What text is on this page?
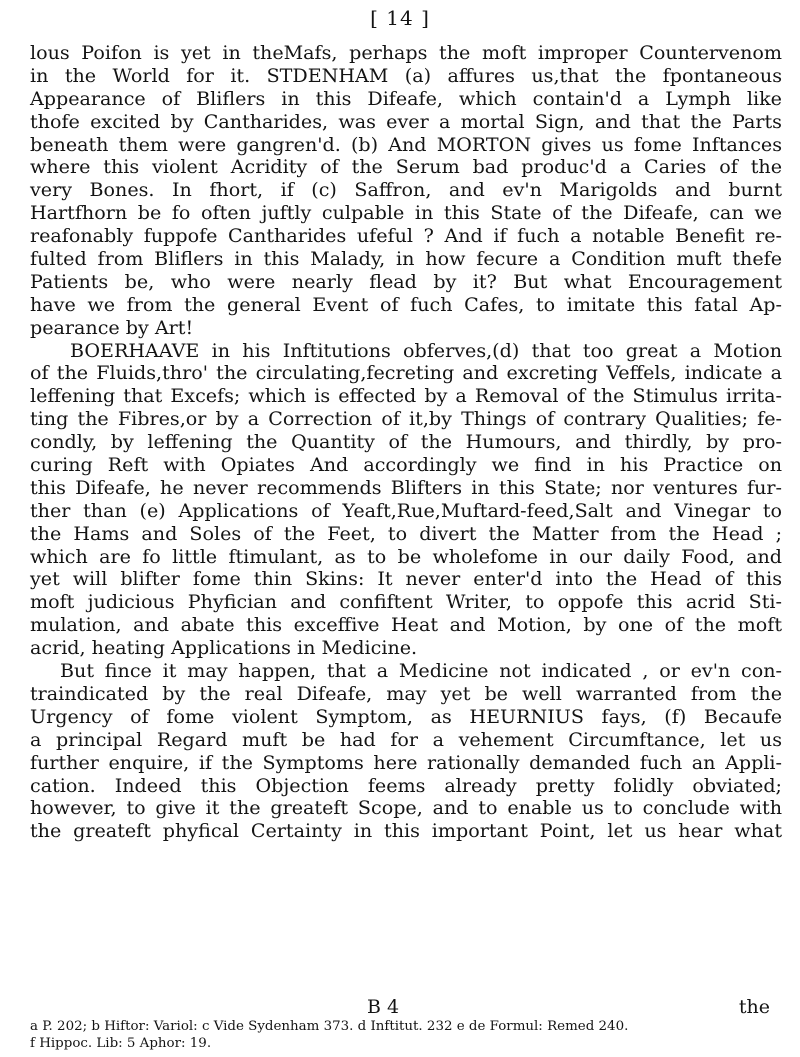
[ 14 ]
lous Poifon is yet in theMafs, perhaps the moft improper Countervenom
in the World for it. STDENHAM (a) affures us,that the fpontaneous
Appearance of Bliflers in this Difeafe, which contain'd a Lymph like
thofe excited by Cantharides, was ever a mortal Sign, and that the Parts
beneath them were gangren'd. (b) And MORTON gives us fome Inftances
where this violent Acridity of the Serum bad produc'd a Caries of the
very Bones. In fhort, if (c) Saffron, and ev'n Marigolds and burnt
Hartfhorn be fo often juftly culpable in this State of the Difeafe, can we
reafonably fuppofe Cantharides ufeful ? And if fuch a notable Benefit re-
fulted from Bliflers in this Malady, in how fecure a Condition muft thefe
Patients be, who were nearly flead by it? But what Encouragement
have we from the general Event of fuch Cafes, to imitate this fatal Ap-
pearance by Art!
BOERHAAVE in his Inftitutions obferves,(d) that too great a Motion
of the Fluids,thro' the circulating,fecreting and excreting Veffels, indicate a
leffening that Excefs; which is effected by a Removal of the Stimulus irrita-
ting the Fibres,or by a Correction of it,by Things of contrary Qualities; fe-
condly, by leffening the Quantity of the Humours, and thirdly, by pro-
curing Reft with Opiates And accordingly we find in his Practice on
this Difeafe, he never recommends Blifters in this State; nor ventures fur-
ther than (e) Applications of Yeaft,Rue,Muftard-feed,Salt and Vinegar to
the Hams and Soles of the Feet, to divert the Matter from the Head ;
which are fo little ftimulant, as to be wholefome in our daily Food, and
yet will blifter fome thin Skins: It never enter'd into the Head of this
moft judicious Phyfician and confiftent Writer, to oppofe this acrid Sti-
mulation, and abate this exceffive Heat and Motion, by one of the moft
acrid, heating Applications in Medicine.
But fince it may happen, that a Medicine not indicated , or ev'n con-
traindicated by the real Difeafe, may yet be well warranted from the
Urgency of fome violent Symptom, as HEURNIUS fays, (f) Becaufe
a principal Regard muft be had for a vehement Circumftance, let us
further enquire, if the Symptoms here rationally demanded fuch an Appli-
cation. Indeed this Objection feems already pretty folidly obviated;
however, to give it the greateft Scope, and to enable us to conclude with
the greateft phyfical Certainty in this important Point, let us hear what
B 4	the
a P. 202; b Hiftor: Variol: c Vide Sydenham 373. d Inftitut. 232 e de Formul: Remed 240.
f Hippoc. Lib: 5 Aphor: 19.
